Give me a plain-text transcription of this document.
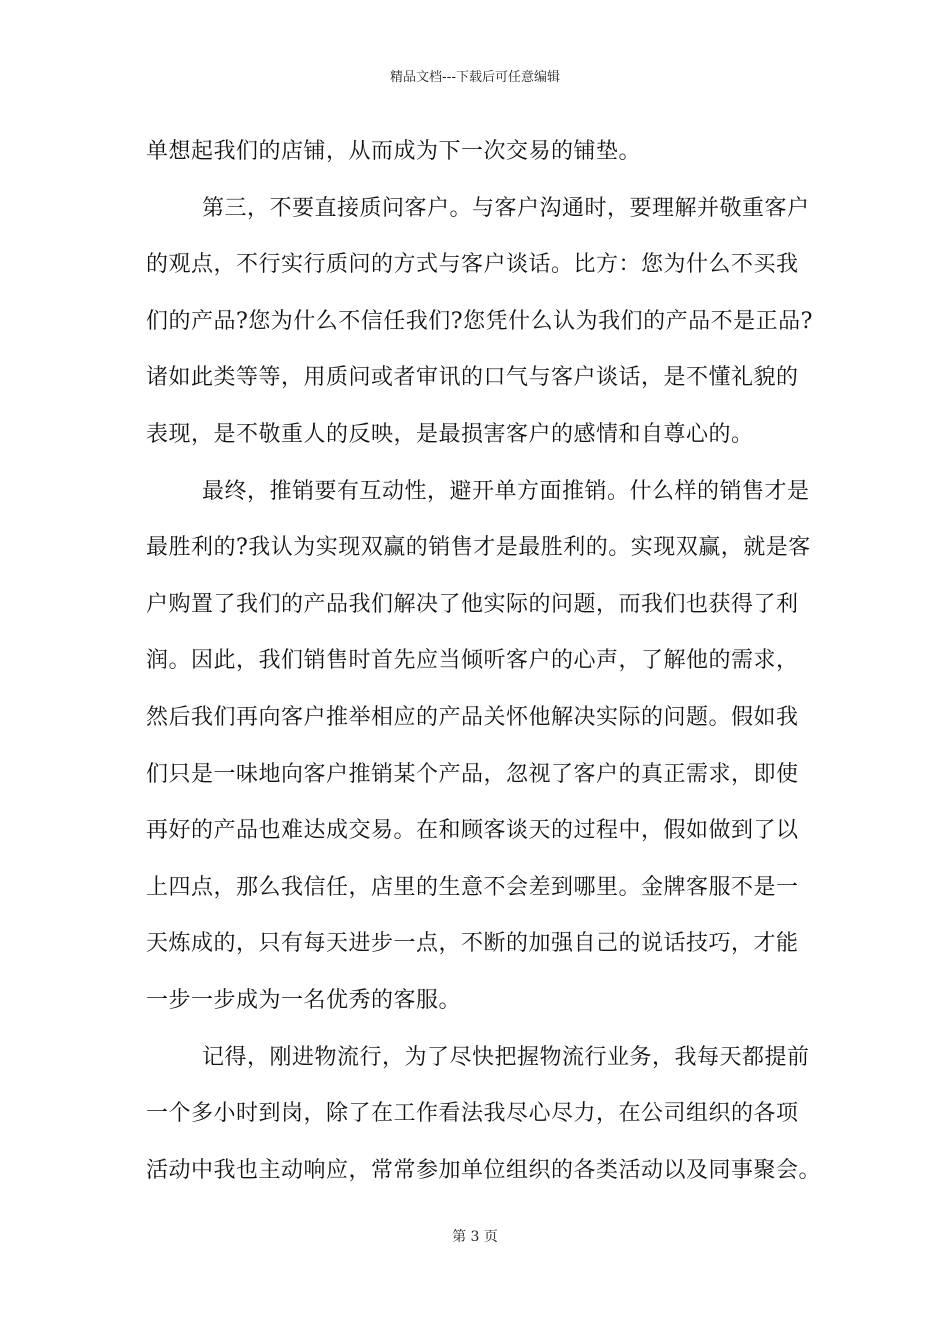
精品文档---下载后可任意编辑
单想起我们的店铺，从而成为下一次交易的铺垫。
第三，不要直接质问客户。与客户沟通时，要理解并敬重客户
的观点，不行实行质问的方式与客户谈话。比方：您为什么不买我
们的产品?您为什么不信任我们?您凭什么认为我们的产品不是正品?
诸如此类等等，用质问或者审讯的口气与客户谈话，是不懂礼貌的
表现，是不敬重人的反映，是最损害客户的感情和自尊心的。
最终，推销要有互动性，避开单方面推销。什么样的销售才是
最胜利的?我认为实现双赢的销售才是最胜利的。实现双赢，就是客
户购置了我们的产品我们解决了他实际的问题，而我们也获得了利
润。因此，我们销售时首先应当倾听客户的心声，了解他的需求，
然后我们再向客户推举相应的产品关怀他解决实际的问题。假如我
们只是一味地向客户推销某个产品，忽视了客户的真正需求，即使
再好的产品也难达成交易。在和顾客谈天的过程中，假如做到了以
上四点，那么我信任，店里的生意不会差到哪里。金牌客服不是一
天炼成的，只有每天进步一点，不断的加强自己的说话技巧，才能
一步一步成为一名优秀的客服。
记得，刚进物流行，为了尽快把握物流行业务，我每天都提前
一个多小时到岗，除了在工作看法我尽心尽力，在公司组织的各项
活动中我也主动响应，常常参加单位组织的各类活动以及同事聚会。
第 3 页
